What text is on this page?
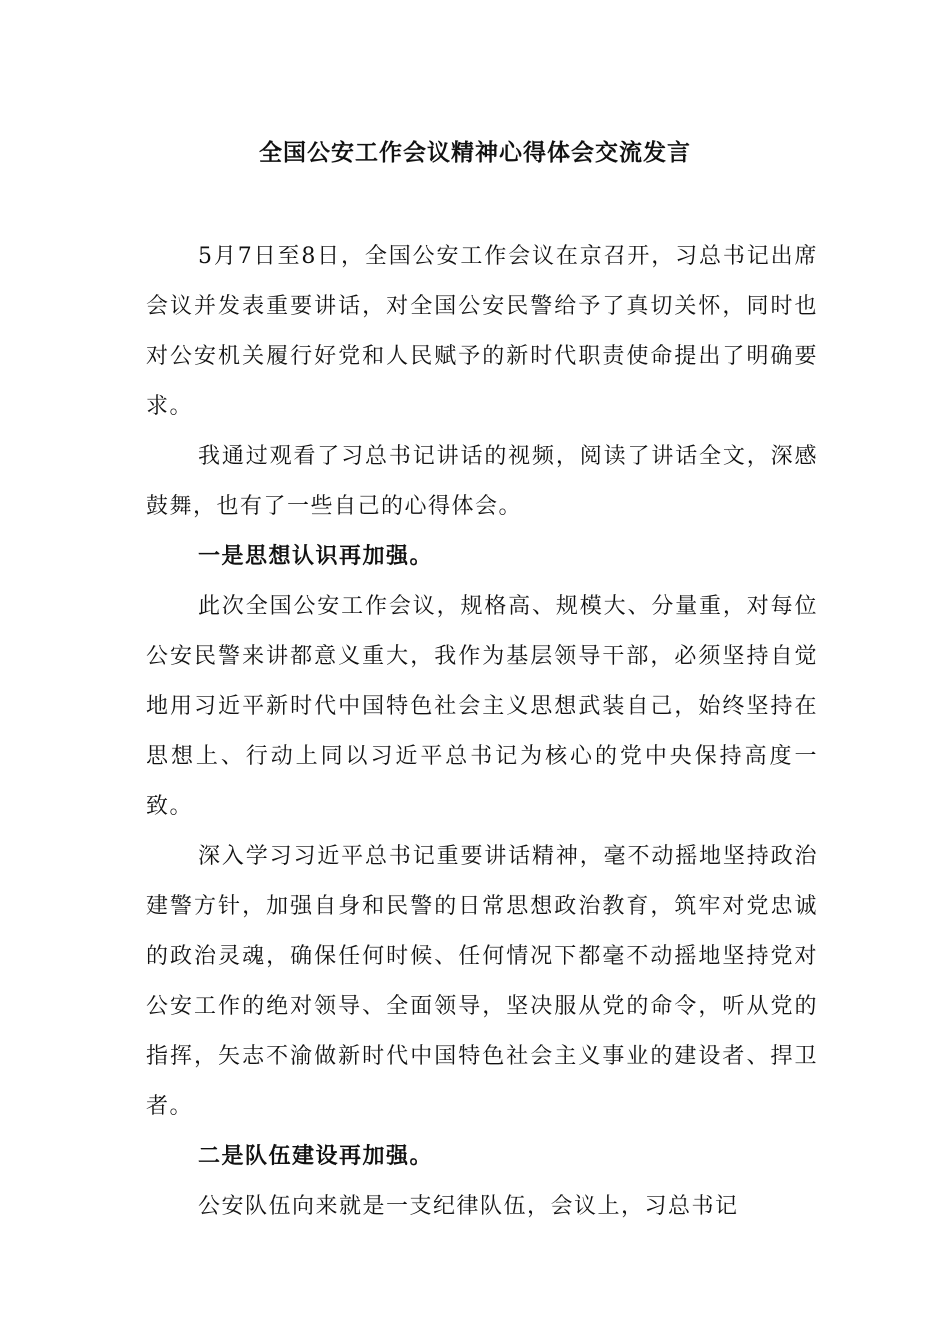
全国公安工作会议精神心得体会交流发言

5月7日至8日，全国公安工作会议在京召开，习总书记出席会议并发表重要讲话，对全国公安民警给予了真切关怀，同时也对公安机关履行好党和人民赋予的新时代职责使命提出了明确要求。

我通过观看了习总书记讲话的视频，阅读了讲话全文，深感鼓舞，也有了一些自己的心得体会。

一是思想认识再加强。

此次全国公安工作会议，规格高、规模大、分量重，对每位公安民警来讲都意义重大，我作为基层领导干部，必须坚持自觉地用习近平新时代中国特色社会主义思想武装自己，始终坚持在思想上、行动上同以习近平总书记为核心的党中央保持高度一致。

深入学习习近平总书记重要讲话精神，毫不动摇地坚持政治建警方针，加强自身和民警的日常思想政治教育，筑牢对党忠诚的政治灵魂，确保任何时候、任何情况下都毫不动摇地坚持党对公安工作的绝对领导、全面领导，坚决服从党的命令，听从党的指挥，矢志不渝做新时代中国特色社会主义事业的建设者、捍卫者。

二是队伍建设再加强。

公安队伍向来就是一支纪律队伍，会议上，习总书记
